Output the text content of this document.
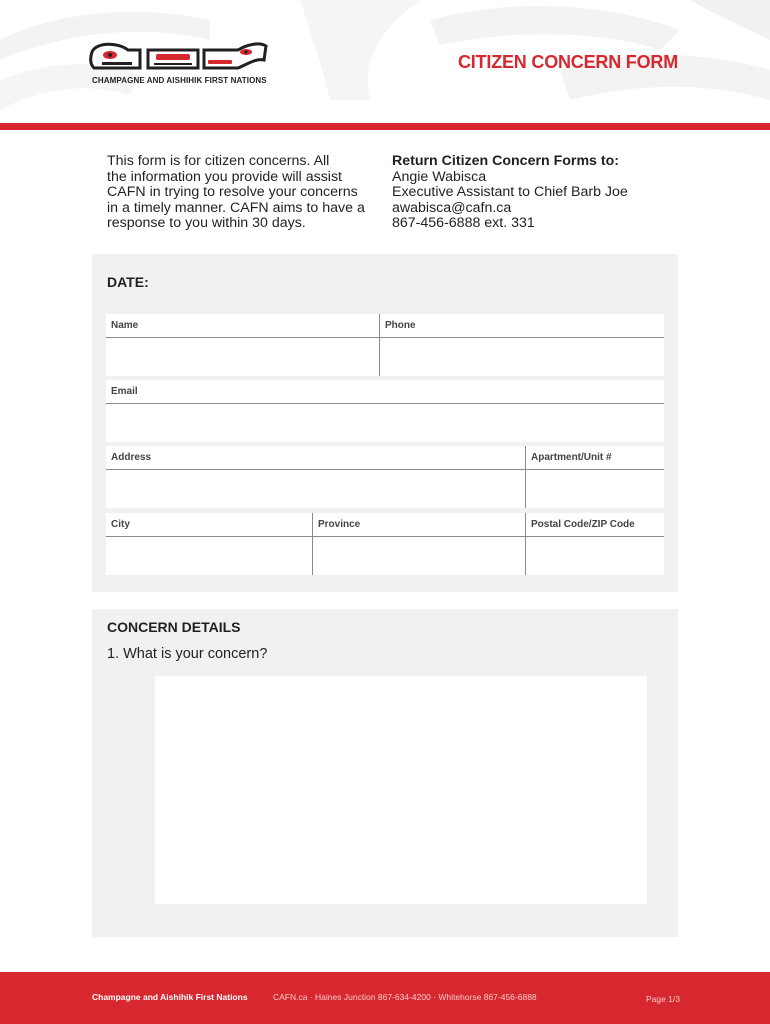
CHAMPAGNE AND AISHIHIK FIRST NATIONS
CITIZEN CONCERN FORM
This form is for citizen concerns. All
the information you provide will assist
CAFN in trying to resolve your concerns
in a timely manner. CAFN aims to have a
response to you within 30 days.
Return Citizen Concern Forms to:
Angie Wabisca
Executive Assistant to Chief Barb Joe
awabisca@cafn.ca
867-456-6888 ext. 331
DATE:
Name	Phone
Email
Address	Apartment/Unit #
City	Province	Postal Code/ZIP Code
CONCERN DETAILS
1. What is your concern?
Champagne and Aishihik First Nations	CAFN.ca · Haines Junction 867-634-4200 · Whitehorse 867-456-6888	Page 1/3
